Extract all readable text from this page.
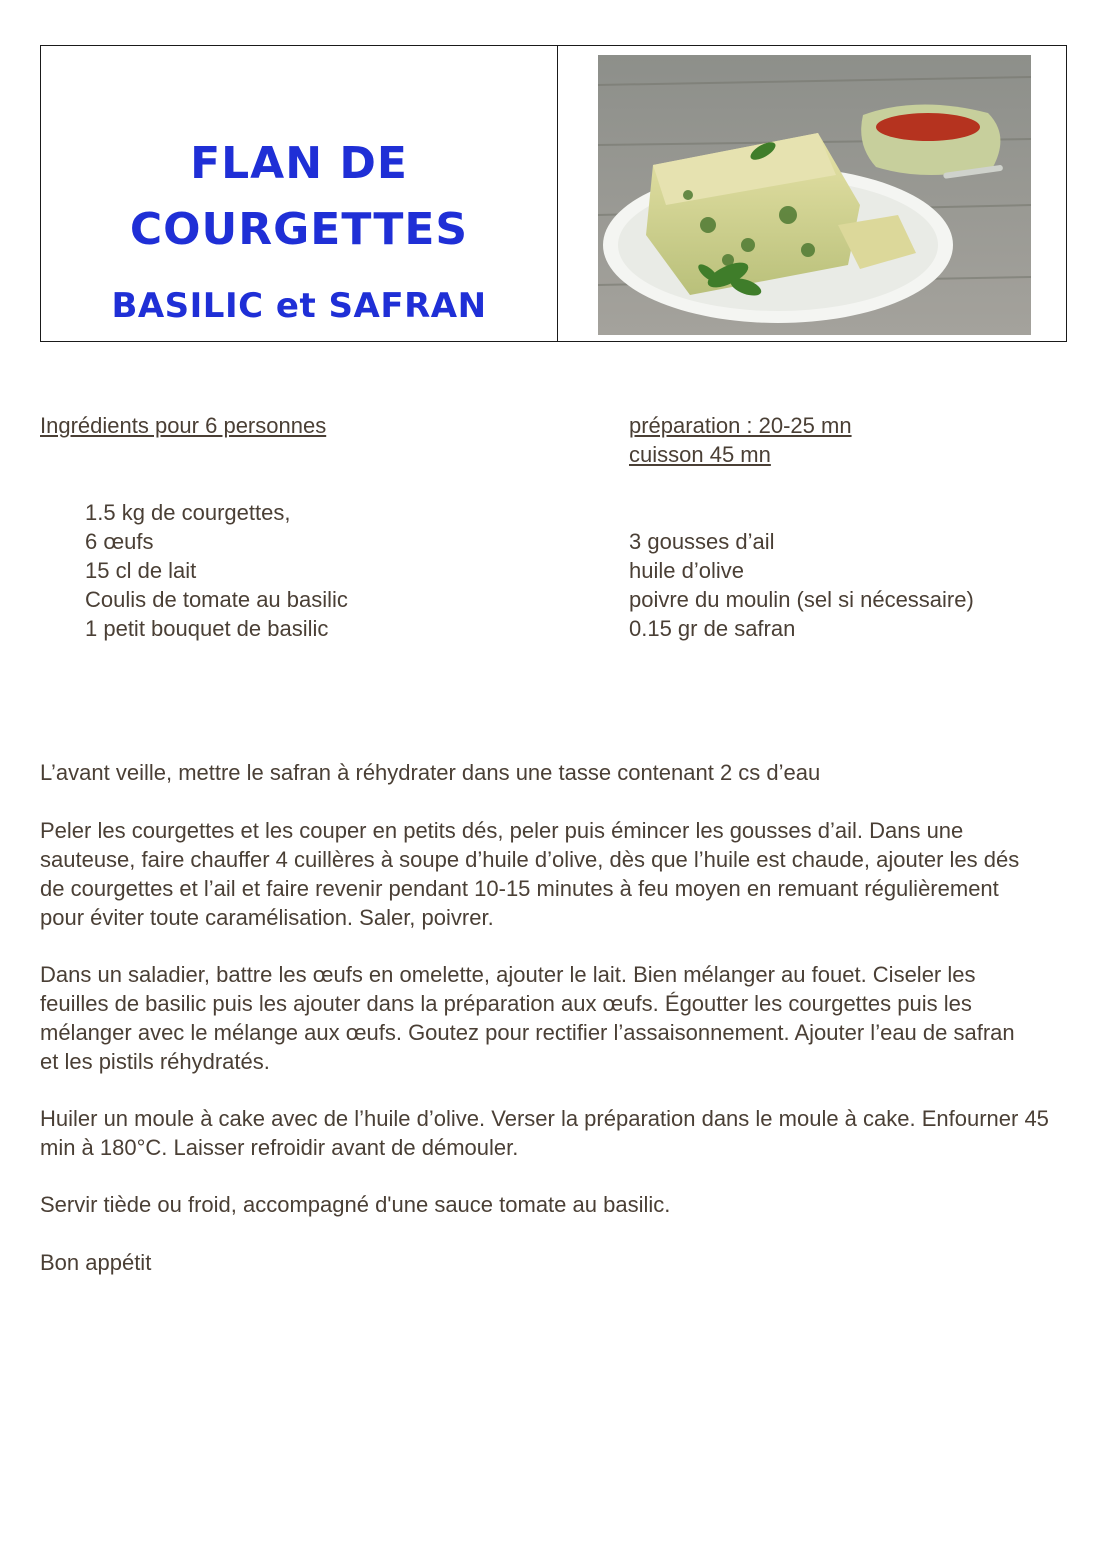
FLAN DE
COURGETTES
BASILIC et SAFRAN
Ingrédients pour 6 personnes	préparation : 20-25 mn
cuisson 45 mn
1.5 kg de courgettes,
6 œufs
15 cl de lait
Coulis de tomate au basilic
1 petit bouquet de basilic
3 gousses d’ail
huile d’olive
poivre du moulin (sel si nécessaire)
0.15 gr de safran

L’avant veille, mettre le safran à réhydrater dans une tasse contenant 2 cs d’eau

Peler les courgettes et les couper en petits dés, peler puis émincer les gousses d’ail. Dans une sauteuse, faire chauffer 4 cuillères à soupe d’huile d’olive, dès que l’huile est chaude, ajouter les dés de courgettes et l’ail et faire revenir pendant 10-15 minutes à feu moyen en remuant régulièrement pour éviter toute caramélisation. Saler, poivrer.

Dans un saladier, battre les œufs en omelette, ajouter le lait. Bien mélanger au fouet. Ciseler les feuilles de basilic puis les ajouter dans la préparation aux œufs. Égoutter les courgettes puis les mélanger avec le mélange aux œufs. Goutez pour rectifier l’assaisonnement. Ajouter l’eau de safran et les pistils réhydratés.

Huiler un moule à cake avec de l’huile d’olive. Verser la préparation dans le moule à cake. Enfourner 45 min à 180°C. Laisser refroidir avant de démouler.

Servir tiède ou froid, accompagné d'une sauce tomate au basilic.

Bon appétit
